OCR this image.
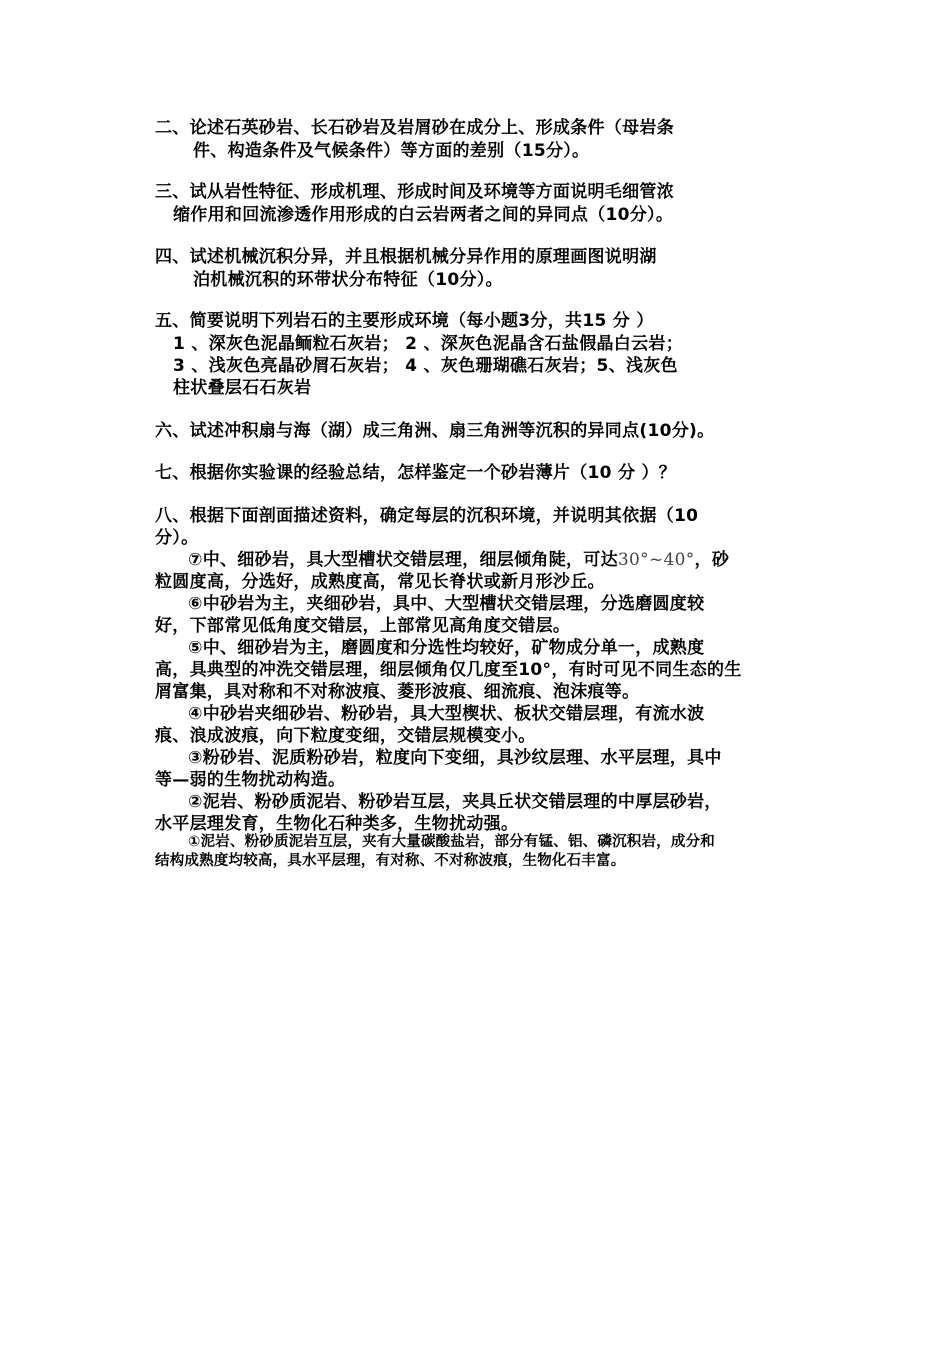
二、论述石英砂岩、长石砂岩及岩屑砂在成分上、形成条件（母岩条
件、构造条件及气候条件）等方面的差别（15分）。
三、试从岩性特征、形成机理、形成时间及环境等方面说明毛细管浓
缩作用和回流渗透作用形成的白云岩两者之间的异同点（10分）。
四、试述机械沉积分异，并且根据机械分异作用的原理画图说明湖
泊机械沉积的环带状分布特征（10分）。
五、简要说明下列岩石的主要形成环境（每小题3分，共15 分 ）
1 、深灰色泥晶鲕粒石灰岩； 2 、深灰色泥晶含石盐假晶白云岩；
3 、浅灰色亮晶砂屑石灰岩； 4 、灰色珊瑚礁石灰岩；5、浅灰色
柱状叠层石石灰岩
六、试述冲积扇与海（湖）成三角洲、扇三角洲等沉积的异同点(10分)。
七、根据你实验课的经验总结，怎样鉴定一个砂岩薄片（10 分 ）？
八、根据下面剖面描述资料，确定每层的沉积环境，并说明其依据（10
分）。
⑦中、细砂岩，具大型槽状交错层理，细层倾角陡，可达30°~40°，砂
粒圆度高，分选好，成熟度高，常见长脊状或新月形沙丘。
⑥中砂岩为主，夹细砂岩，具中、大型槽状交错层理，分选磨圆度较
好，下部常见低角度交错层，上部常见高角度交错层。
⑤中、细砂岩为主，磨圆度和分选性均较好，矿物成分单一，成熟度
高，具典型的冲洗交错层理，细层倾角仅几度至10°，有时可见不同生态的生
屑富集，具对称和不对称波痕、菱形波痕、细流痕、泡沫痕等。
④中砂岩夹细砂岩、粉砂岩，具大型楔状、板状交错层理，有流水波
痕、浪成波痕，向下粒度变细，交错层规模变小。
③粉砂岩、泥质粉砂岩，粒度向下变细，具沙纹层理、水平层理，具中
等—弱的生物扰动构造。
②泥岩、粉砂质泥岩、粉砂岩互层，夹具丘状交错层理的中厚层砂岩，
水平层理发育，生物化石种类多，生物扰动强。
①泥岩、粉砂质泥岩互层，夹有大量碳酸盐岩，部分有锰、铝、磷沉积岩，成分和
结构成熟度均较高，具水平层理，有对称、不对称波痕，生物化石丰富。
